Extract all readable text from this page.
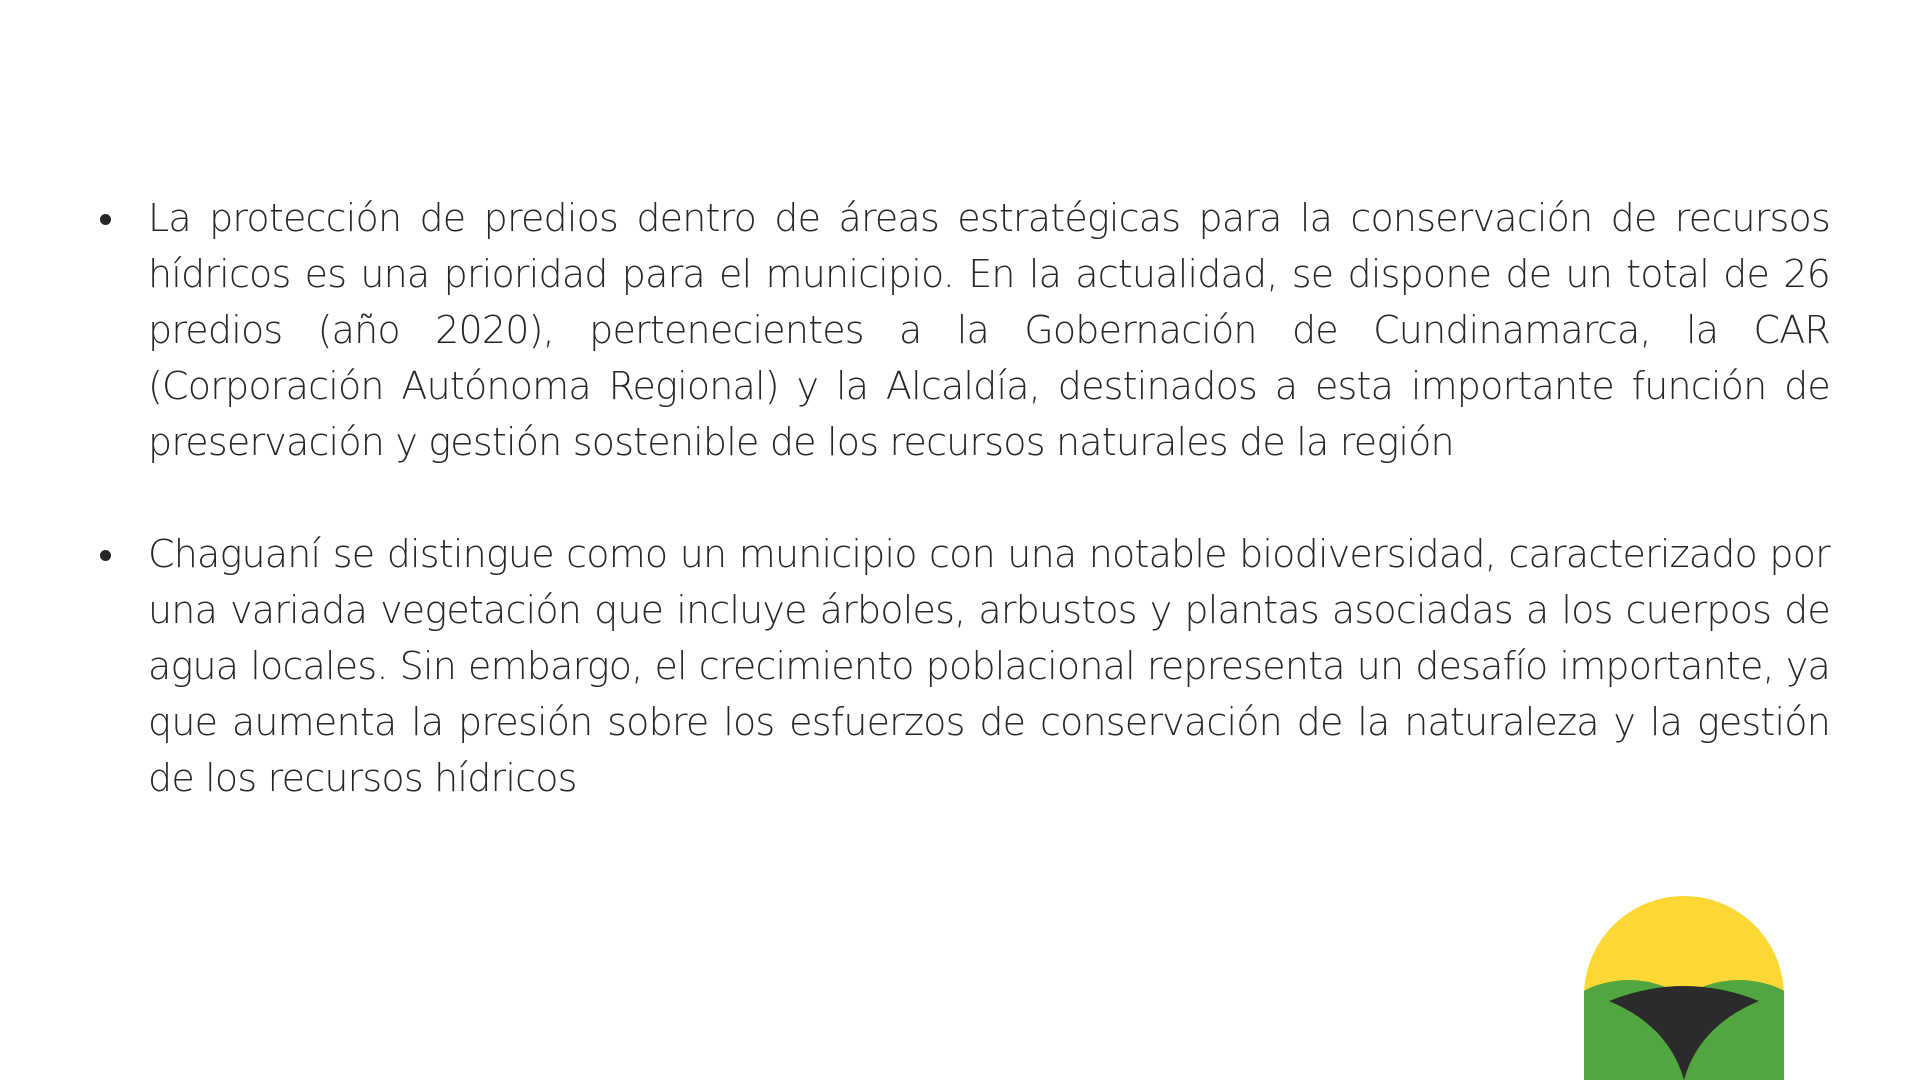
La protección de predios dentro de áreas estratégicas para la conservación de recursos hídricos es una prioridad para el municipio. En la actualidad, se dispone de un total de 26 predios (año 2020), pertenecientes a la Gobernación de Cundinamarca, la CAR (Corporación Autónoma Regional) y la Alcaldía, destinados a esta importante función de preservación y gestión sostenible de los recursos naturales de la región
Chaguaní se distingue como un municipio con una notable biodiversidad, caracterizado por una variada vegetación que incluye árboles, arbustos y plantas asociadas a los cuerpos de agua locales. Sin embargo, el crecimiento poblacional representa un desafío importante, ya que aumenta la presión sobre los esfuerzos de conservación de la naturaleza y la gestión de los recursos hídricos
